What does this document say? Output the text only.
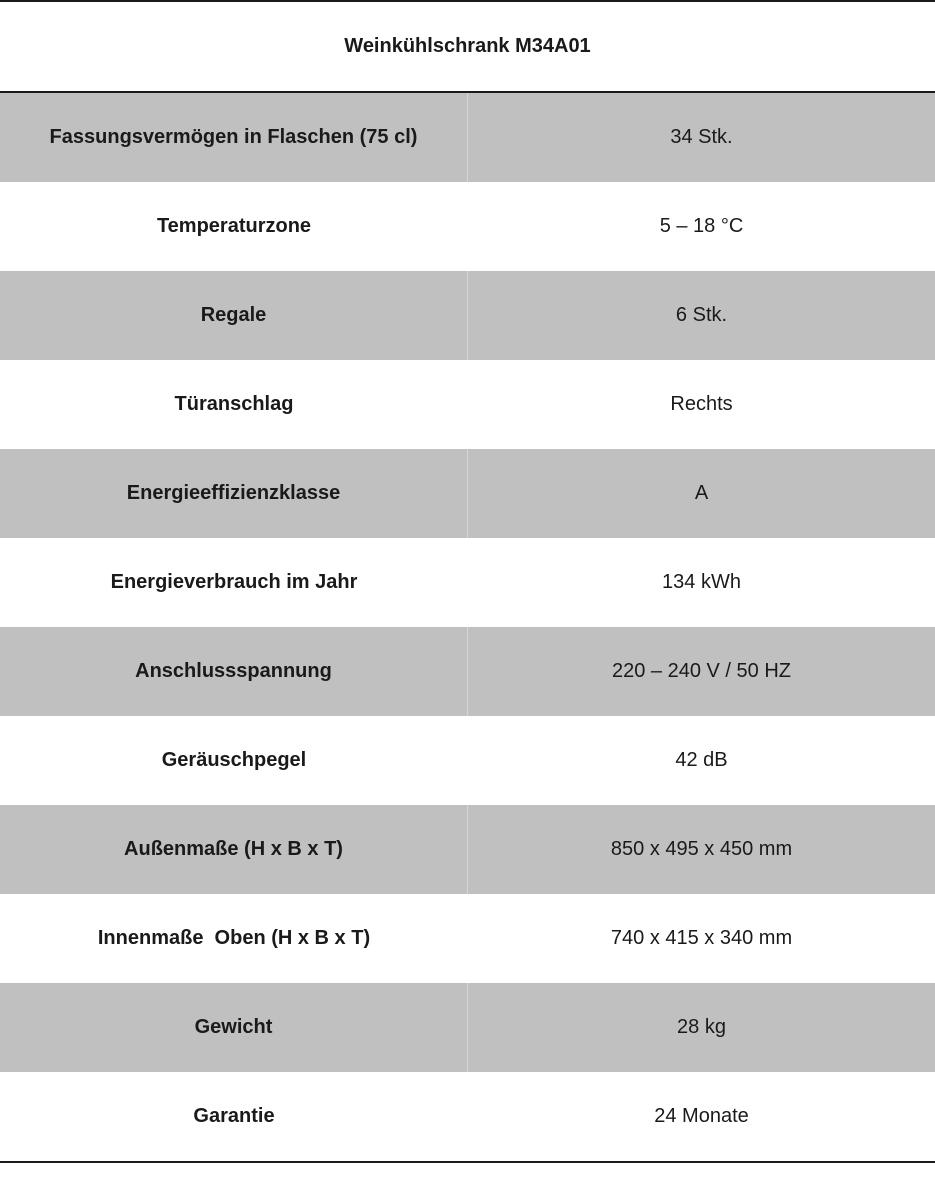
Weinkühlschrank M34A01
Fassungsvermögen in Flaschen (75 cl)	34 Stk.
Temperaturzone	5 – 18 °C
Regale	6 Stk.
Türanschlag	Rechts
Energieeffizienzklasse	A
Energieverbrauch im Jahr	134 kWh
Anschlussspannung	220 – 240 V / 50 HZ
Geräuschpegel	42 dB
Außenmaße (H x B x T)	850 x 495 x 450 mm
Innenmaße  Oben (H x B x T)	740 x 415 x 340 mm
Gewicht	28 kg
Garantie	24 Monate
